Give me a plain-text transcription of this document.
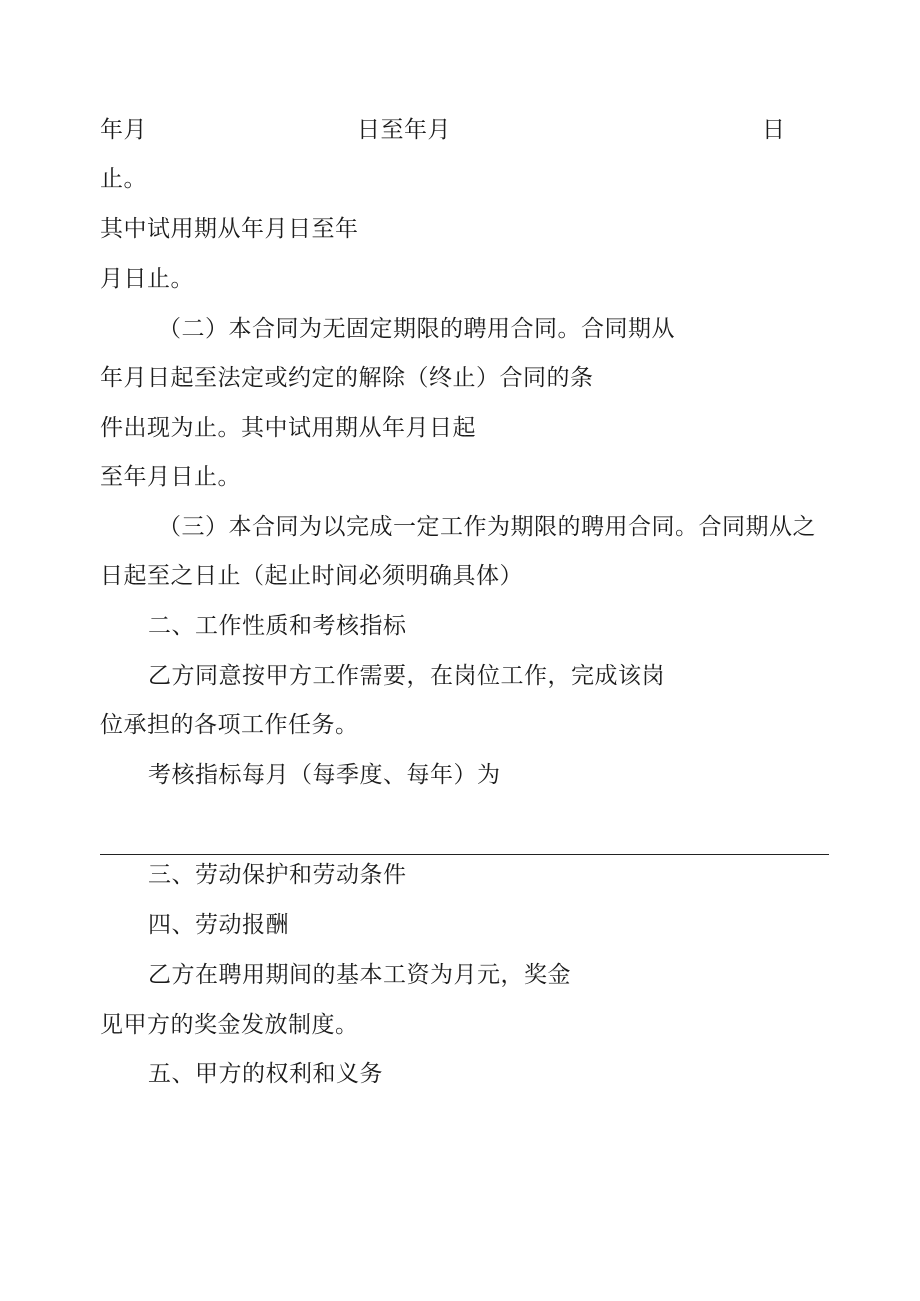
年月	日至年月	日
止。
其中试用期从年月日至年
月日止。
（二）本合同为无固定期限的聘用合同。合同期从
年月日起至法定或约定的解除（终止）合同的条
件出现为止。其中试用期从年月日起
至年月日止。
（三）本合同为以完成一定工作为期限的聘用合同。合同期从之
日起至之日止（起止时间必须明确具体）
二、工作性质和考核指标
乙方同意按甲方工作需要，在岗位工作，完成该岗
位承担的各项工作任务。
考核指标每月（每季度、每年）为
三、劳动保护和劳动条件
四、劳动报酬
乙方在聘用期间的基本工资为月元，奖金
见甲方的奖金发放制度。
五、甲方的权利和义务
